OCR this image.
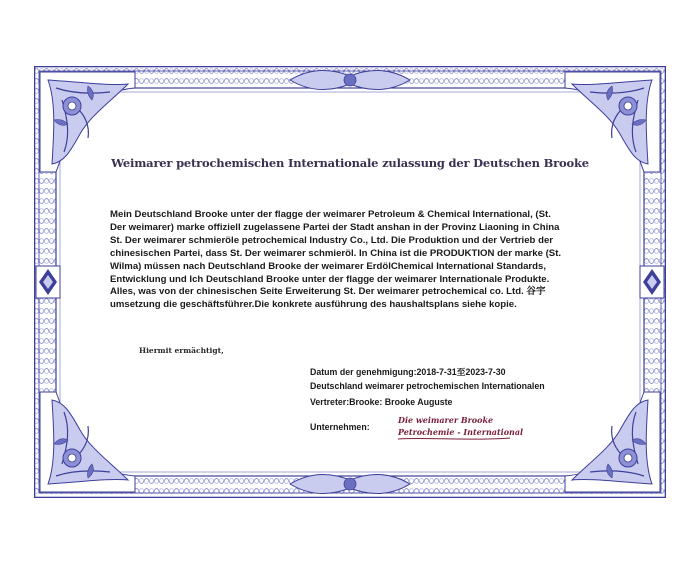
Weimarer petrochemischen Internationale zulassung der Deutschen Brooke
Mein Deutschland Brooke unter der flagge der weimarer Petroleum & Chemical International, (St.
Der weimarer) marke offiziell zugelassene Partei der Stadt anshan in der Provinz Liaoning in China
St. Der weimarer schmieröle petrochemical Industry Co., Ltd. Die Produktion und der Vertrieb der
chinesischen Partei, dass St. Der weimarer schmieröl. In China ist die PRODUKTION der marke (St.
Wilma) müssen nach Deutschland Brooke der weimarer ErdölChemical International Standards,
Entwicklung und Ich Deutschland Brooke unter der flagge der weimarer Internationale Produkte.
Alles, was von der chinesischen Seite Erweiterung St. Der weimarer petrochemical co. Ltd. 谷宇
umsetzung die geschäftsführer.Die konkrete ausführung des haushaltsplans siehe kopie.
Hiermit ermächtigt,
Datum der genehmigung:2018-7-31至2023-7-30
Deutschland weimarer petrochemischen Internationalen
Vertreter:Brooke: Brooke Auguste
Unternehmen:
Die weimarer Brooke
Petrochemie - International
